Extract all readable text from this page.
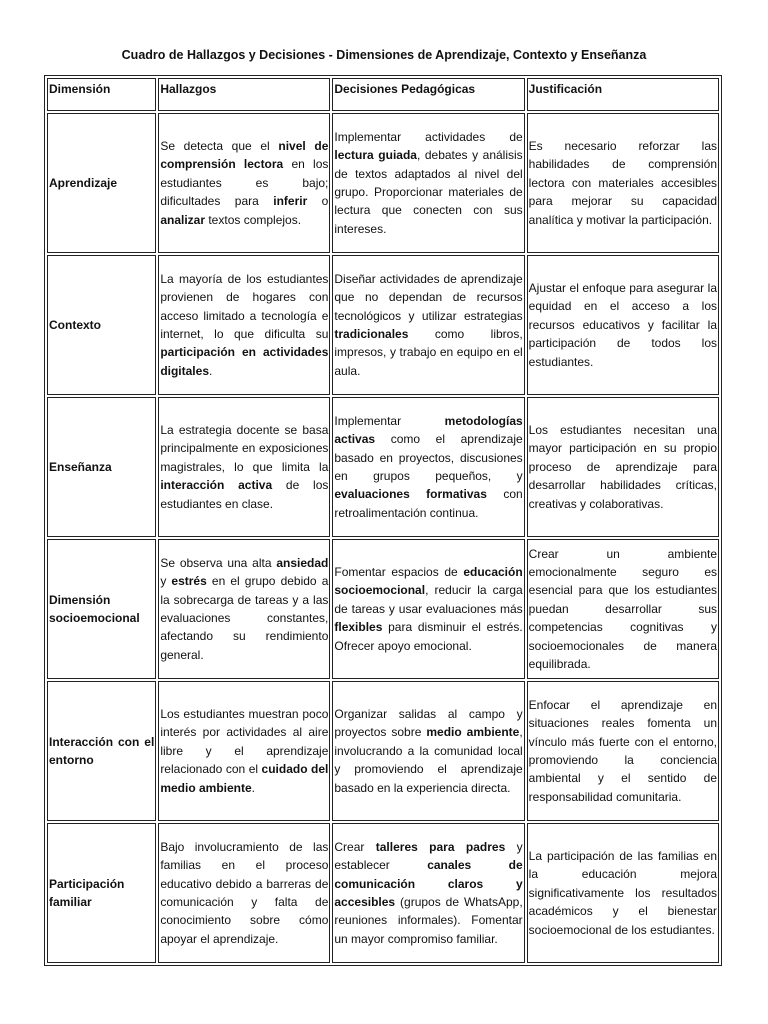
Cuadro de Hallazgos y Decisiones - Dimensiones de Aprendizaje, Contexto y Enseñanza
Dimensión	Hallazgos	Decisiones Pedagógicas	Justificación
Aprendizaje	Se detecta que el nivel de comprensión lectora en los estudiantes es bajo; dificultades para inferir o analizar textos complejos.	Implementar actividades de lectura guiada, debates y análisis de textos adaptados al nivel del grupo. Proporcionar materiales de lectura que conecten con sus intereses.	Es necesario reforzar las habilidades de comprensión lectora con materiales accesibles para mejorar su capacidad analítica y motivar la participación.
Contexto	La mayoría de los estudiantes provienen de hogares con acceso limitado a tecnología e internet, lo que dificulta su participación en actividades digitales.	Diseñar actividades de aprendizaje que no dependan de recursos tecnológicos y utilizar estrategias tradicionales como libros, impresos, y trabajo en equipo en el aula.	Ajustar el enfoque para asegurar la equidad en el acceso a los recursos educativos y facilitar la participación de todos los estudiantes.
Enseñanza	La estrategia docente se basa principalmente en exposiciones magistrales, lo que limita la interacción activa de los estudiantes en clase.	Implementar metodologías activas como el aprendizaje basado en proyectos, discusiones en grupos pequeños, y evaluaciones formativas con retroalimentación continua.	Los estudiantes necesitan una mayor participación en su propio proceso de aprendizaje para desarrollar habilidades críticas, creativas y colaborativas.
Dimensión socioemocional	Se observa una alta ansiedad y estrés en el grupo debido a la sobrecarga de tareas y a las evaluaciones constantes, afectando su rendimiento general.	Fomentar espacios de educación socioemocional, reducir la carga de tareas y usar evaluaciones más flexibles para disminuir el estrés. Ofrecer apoyo emocional.	Crear un ambiente emocionalmente seguro es esencial para que los estudiantes puedan desarrollar sus competencias cognitivas y socioemocionales de manera equilibrada.
Interacción con el entorno	Los estudiantes muestran poco interés por actividades al aire libre y el aprendizaje relacionado con el cuidado del medio ambiente.	Organizar salidas al campo y proyectos sobre medio ambiente, involucrando a la comunidad local y promoviendo el aprendizaje basado en la experiencia directa.	Enfocar el aprendizaje en situaciones reales fomenta un vínculo más fuerte con el entorno, promoviendo la conciencia ambiental y el sentido de responsabilidad comunitaria.
Participación familiar	Bajo involucramiento de las familias en el proceso educativo debido a barreras de comunicación y falta de conocimiento sobre cómo apoyar el aprendizaje.	Crear talleres para padres y establecer canales de comunicación claros y accesibles (grupos de WhatsApp, reuniones informales). Fomentar un mayor compromiso familiar.	La participación de las familias en la educación mejora significativamente los resultados académicos y el bienestar socioemocional de los estudiantes.
